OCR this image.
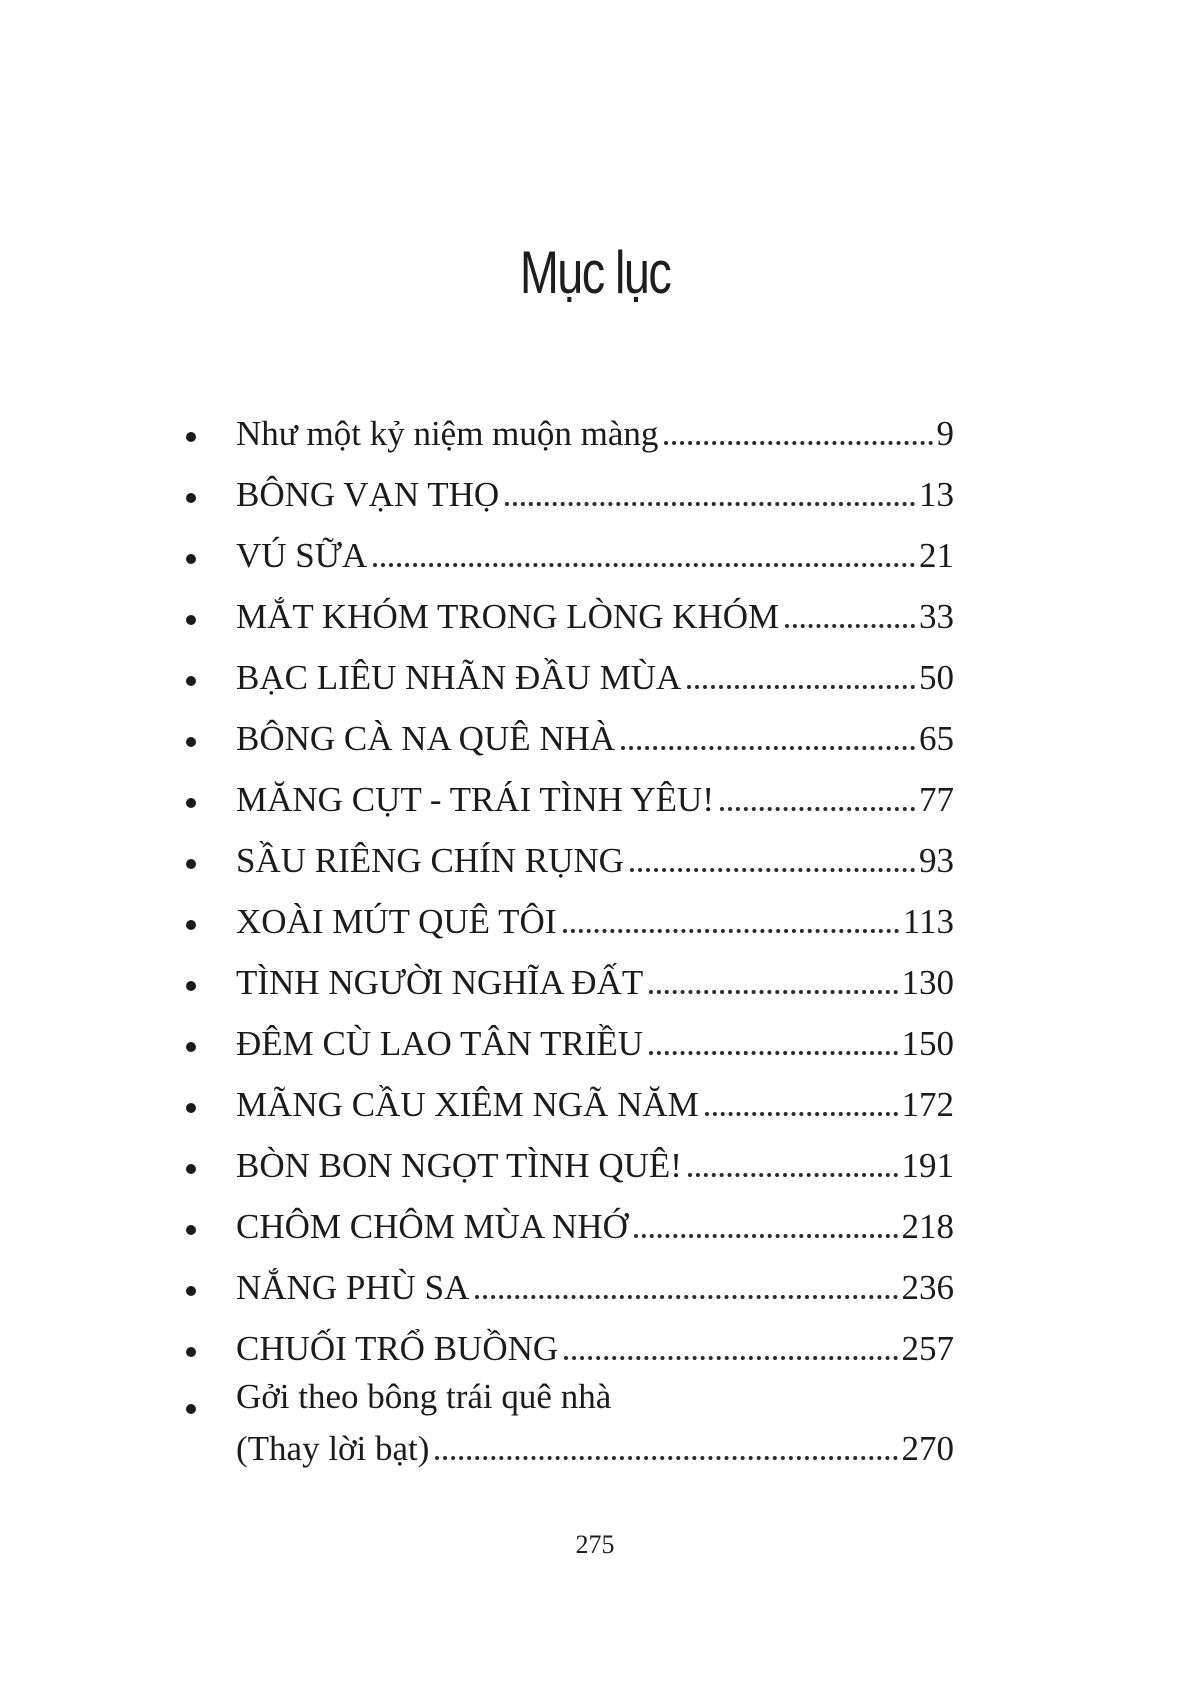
Mục lục
Như một kỷ niệm muộn màng	9
BÔNG VẠN THỌ	13
VÚ SỮA	21
MẮT KHÓM TRONG LÒNG KHÓM	33
BẠC LIÊU NHÃN ĐẦU MÙA	50
BÔNG CÀ NA QUÊ NHÀ	65
MĂNG CỤT - TRÁI TÌNH YÊU!	77
SẦU RIÊNG CHÍN RỤNG	93
XOÀI MÚT QUÊ TÔI	113
TÌNH NGƯỜI NGHĨA ĐẤT	130
ĐÊM CÙ LAO TÂN TRIỀU	150
MÃNG CẦU XIÊM NGÃ NĂM	172
BÒN BON NGỌT TÌNH QUÊ!	191
CHÔM CHÔM MÙA NHỚ	218
NẮNG PHÙ SA	236
CHUỐI TRỔ BUỒNG	257
Gởi theo bông trái quê nhà
(Thay lời bạt)	270
275
